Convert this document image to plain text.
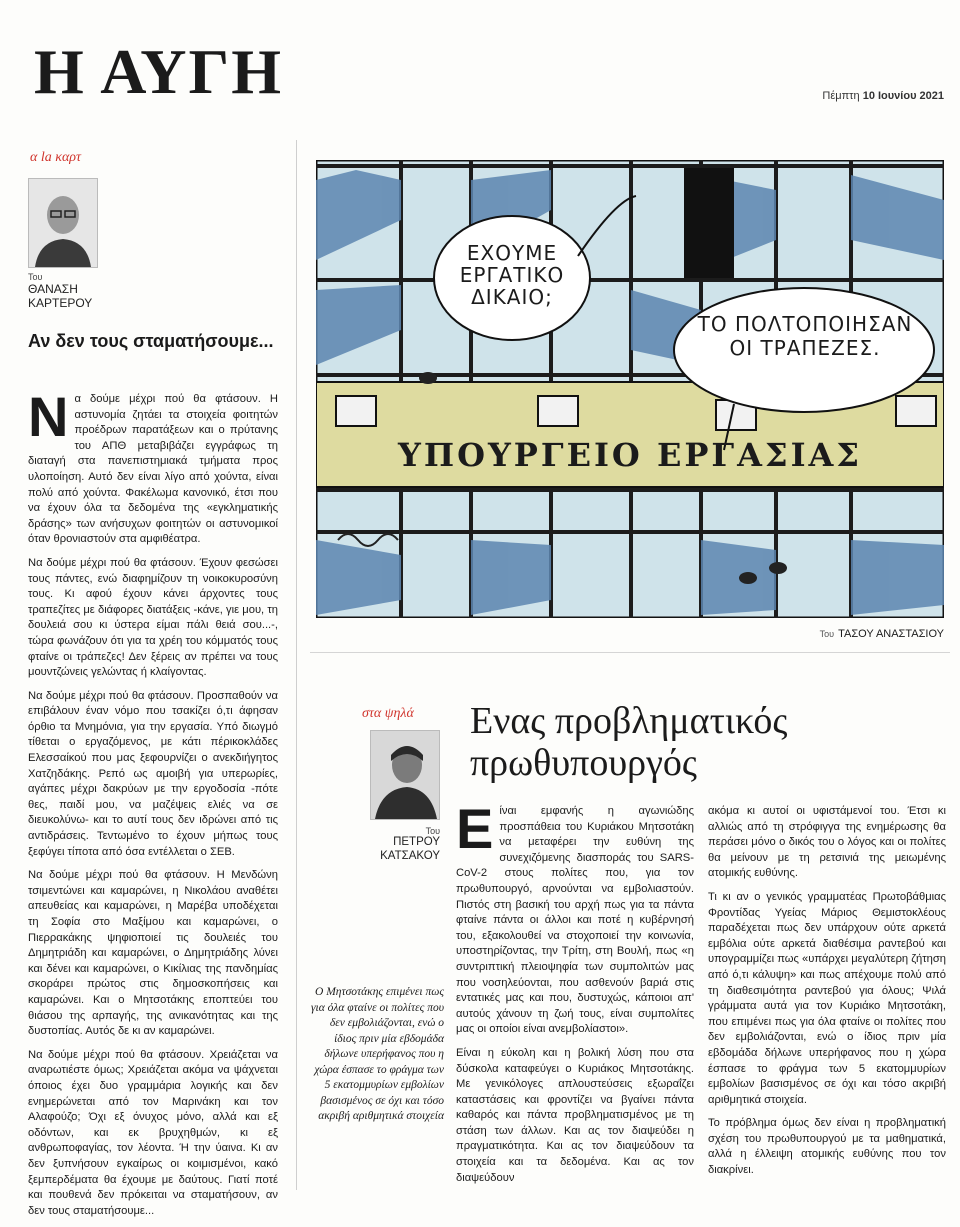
Η ΑΥΓΗ	Πέμπτη 10 Ιουνίου 2021
α la καρτ
Του
ΘΑΝΑΣΗ ΚΑΡΤΕΡΟΥ
Αν δεν τους σταματήσουμε...

Nα δούμε μέχρι πού θα φτάσουν. Η αστυνομία ζητάει τα στοιχεία φοιτητών προέδρων παρατάξεων και ο πρύτανης του ΑΠΘ μεταβιβάζει εγγράφως τη διαταγή στα πανεπιστημιακά τμήματα προς υλοποίηση. Αυτό δεν είναι λίγο από χούντα, είναι πολύ από χούντα. Φακέλωμα κανονικό, έτσι που να έχουν όλα τα δεδομένα της «εγκληματικής δράσης» των ανήσυχων φοιτητών οι αστυνομικοί όταν θρονιαστούν στα αμφιθέατρα.

Να δούμε μέχρι πού θα φτάσουν. Έχουν φεσώσει τους πάντες, ενώ διαφημίζουν τη νοικοκυροσύνη τους. Κι αφού έχουν κάνει άρχοντες τους τραπεζίτες με διάφορες διατάξεις -κάνε, γιε μου, τη δουλειά σου κι ύστερα είμαι πάλι θειά σου...-, τώρα φωνάζουν ότι για τα χρέη του κόμματός τους φταίνε οι τράπεζες! Δεν ξέρεις αν πρέπει να τους μουντζώνεις γελώντας ή κλαίγοντας.

Να δούμε μέχρι πού θα φτάσουν. Προσπαθούν να επιβάλουν έναν νόμο που τσακίζει ό,τι άφησαν όρθιο τα Μνημόνια, για την εργασία. Υπό διωγμό τίθεται ο εργαζόμενος, με κάτι πέρικοκλάδες Ελεσσαίκού που μας ξεφουρνίζει ο ανεκδιήγητος Χατζηδάκης. Ρεπό ως αμοιβή για υπερωρίες, αγάπες μέχρι δακρύων με την εργοδοσία -πότε θες, παιδί μου, να μαζέψεις ελιές να σε διευκολύνω- και το αυτί τους δεν ιδρώνει από τις αντιδράσεις. Τεντωμένο το έχουν μήπως τους ξεφύγει τίποτα από όσα εντέλλεται ο ΣΕΒ.

Να δούμε μέχρι πού θα φτάσουν. Η Μενδώνη τσιμεντώνει και καμαρώνει, η Νικολάου αναθέτει απευθείας και καμαρώνει, η Μαρέβα υποδέχεται τη Σοφία στο Μαξίμου και καμαρώνει, ο Πιερρακάκης ψηφιοποιεί τις δουλειές του Δημητριάδη και καμαρώνει, ο Δημητριάδης λύνει και δένει και καμαρώνει, ο Κικίλιας της πανδημίας σκοράρει πρώτος στις δημοσκοπήσεις και καμαρώνει. Και ο Μητσοτάκης εποπτεύει του θιάσου της αρπαγής, της ανικανότητας και της δυστοπίας. Αυτός δε κι αν καμαρώνει.

Να δούμε μέχρι πού θα φτάσουν. Χρειάζεται να αναρωτιέστε όμως; Χρειάζεται ακόμα να ψάχνεται όποιος έχει δυο γραμμάρια λογικής και δεν ενημερώνεται από τον Μαρινάκη και τον Αλαφούζο; Όχι εξ όνυχος μόνο, αλλά και εξ οδόντων, και εκ βρυχηθμών, κι εξ ανθρωποφαγίας, τον λέοντα. Ή την ύαινα. Κι αν δεν ξυπνήσουν εγκαίρως οι κοιμισμένοι, κακό ξεμπερδέματα θα έχουμε με δαύτους. Γιατί ποτέ και πουθενά δεν πρόκειται να σταματήσουν, αν δεν τους σταματήσουμε...

ΕΧΟΥΜΕ ΕΡΓΑΤΙΚΟ ΔΙΚΑΙΟ;
ΤΟ ΠΟΛΤΟΠΟΙΗΣΑΝ ΟΙ ΤΡΑΠΕΖΕΣ.
ΥΠΟΥΡΓΕΙΟ ΕΡΓΑΣΙΑΣ
Του ΤΑΣΟΥ ΑΝΑΣΤΑΣΙΟΥ
στα ψηλά
Του
ΠΕΤΡΟΥ ΚΑΤΣΑΚΟΥ
Ενας προβληματικός πρωθυπουργός
Ο Μητσοτάκης επιμένει πως για όλα φταίνε οι πολίτες που δεν εμβολιάζονται, ενώ ο ίδιος πριν μία εβδομάδα δήλωνε υπερήφανος που η χώρα έσπασε το φράγμα των 5 εκατομμυρίων εμβολίων βασισμένος σε όχι και τόσο ακριβή αριθμητικά στοιχεία

Eίναι εμφανής η αγωνιώδης προσπάθεια του Κυριάκου Μητσοτάκη να μεταφέρει την ευθύνη της συνεχιζόμενης διασποράς του SARS-CoV-2 στους πολίτες που, για τον πρωθυπουργό, αρνούνται να εμβολιαστούν. Πιστός στη βασική του αρχή πως για τα πάντα φταίνε πάντα οι άλλοι και ποτέ η κυβέρνησή του, εξακολουθεί να στοχοποιεί την κοινωνία, υποστηρίζοντας, την Τρίτη, στη Βουλή, πως «η συντριπτική πλειοψηφία των συμπολιτών μας που νοσηλεύονται, που ασθενούν βαριά στις εντατικές μας και που, δυστυχώς, κάποιοι απ' αυτούς χάνουν τη ζωή τους, είναι συμπολίτες μας οι οποίοι είναι ανεμβολίαστοι».

Είναι η εύκολη και η βολική λύση που στα δύσκολα καταφεύγει ο Κυριάκος Μητσοτάκης. Με γενικόλογες απλουστεύσεις εξωραΐζει καταστάσεις και φροντίζει να βγαίνει πάντα καθαρός και πάντα προβληματισμένος με τη στάση των άλλων. Και ας τον διαψεύδει η πραγματικότητα. Και ας τον διαψεύδουν τα στοιχεία και τα δεδομένα. Και ας τον διαψεύδουν

ακόμα κι αυτοί οι υφιστάμενοί του. Έτσι κι αλλιώς από τη στρόφιγγα της ενημέρωσης θα περάσει μόνο ο δικός του ο λόγος και οι πολίτες θα μείνουν με τη ρετσινιά της μειωμένης ατομικής ευθύνης.

Τι κι αν ο γενικός γραμματέας Πρωτοβάθμιας Φροντίδας Υγείας Μάριος Θεμιστοκλέους παραδέχεται πως δεν υπάρχουν ούτε αρκετά εμβόλια ούτε αρκετά διαθέσιμα ραντεβού και υπογραμμίζει πως «υπάρχει μεγαλύτερη ζήτηση από ό,τι κάλυψη» και πως απέχουμε πολύ από τη διαθεσιμότητα ραντεβού για όλους; Ψιλά γράμματα αυτά για τον Κυριάκο Μητσοτάκη, που επιμένει πως για όλα φταίνε οι πολίτες που δεν εμβολιάζονται, ενώ ο ίδιος πριν μία εβδομάδα δήλωνε υπερήφανος που η χώρα έσπασε το φράγμα των 5 εκατομμυρίων εμβολίων βασισμένος σε όχι και τόσο ακριβή αριθμητικά στοιχεία.

Το πρόβλημα όμως δεν είναι η προβληματική σχέση του πρωθυπουργού με τα μαθηματικά, αλλά η έλλειψη ατομικής ευθύνης που τον διακρίνει.
